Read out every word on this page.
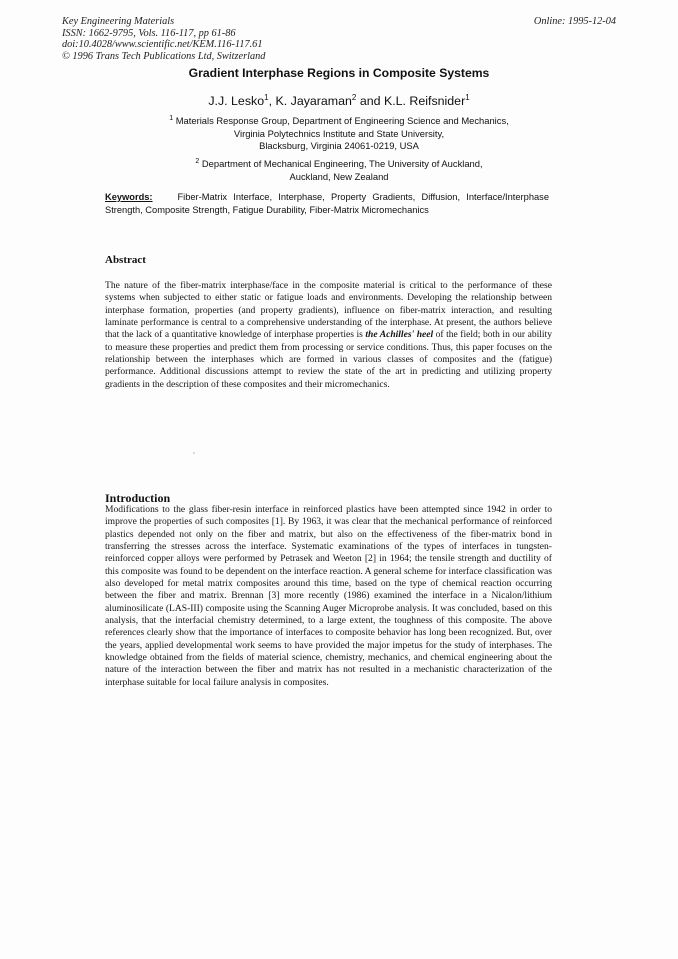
Key Engineering Materials
ISSN: 1662-9795, Vols. 116-117, pp 61-86
doi:10.4028/www.scientific.net/KEM.116-117.61
© 1996 Trans Tech Publications Ltd, Switzerland
Online: 1995-12-04
Gradient Interphase Regions in Composite Systems
J.J. Lesko$^1$, K. Jayaraman$^2$ and K.L. Reifsnider$^1$
$^1$ Materials Response Group, Department of Engineering Science and Mechanics,
Virginia Polytechnics Institute and State University,
Blacksburg, Virginia 24061-0219, USA
$^2$ Department of Mechanical Engineering, The University of Auckland,
Auckland, New Zealand
Keywords:	Fiber-Matrix Interface, Interphase, Property Gradients, Diffusion, Interface/Interphase Strength, Composite Strength, Fatigue Durability, Fiber-Matrix Micromechanics
Abstract
The nature of the fiber-matrix interphase/face in the composite material is critical to the performance of these systems when subjected to either static or fatigue loads and environments. Developing the relationship between interphase formation, properties (and property gradients), influence on fiber-matrix interaction, and resulting laminate performance is central to a comprehensive understanding of the interphase. At present, the authors believe that the lack of a quantitative knowledge of interphase properties is the Achilles' heel of the field; both in our ability to measure these properties and predict them from processing or service conditions. Thus, this paper focuses on the relationship between the interphases which are formed in various classes of composites and the (fatigue) performance. Additional discussions attempt to review the state of the art in predicting and utilizing property gradients in the description of these composites and their micromechanics.
Introduction
Modifications to the glass fiber-resin interface in reinforced plastics have been attempted since 1942 in order to improve the properties of such composites [1]. By 1963, it was clear that the mechanical performance of reinforced plastics depended not only on the fiber and matrix, but also on the effectiveness of the fiber-matrix bond in transferring the stresses across the interface. Systematic examinations of the types of interfaces in tungsten-reinforced copper alloys were performed by Petrasek and Weeton [2] in 1964; the tensile strength and ductility of this composite was found to be dependent on the interface reaction. A general scheme for interface classification was also developed for metal matrix composites around this time, based on the type of chemical reaction occurring between the fiber and matrix. Brennan [3] more recently (1986) examined the interface in a Nicalon/lithium aluminosilicate (LAS-III) composite using the Scanning Auger Microprobe analysis. It was concluded, based on this analysis, that the interfacial chemistry determined, to a large extent, the toughness of this composite. The above references clearly show that the importance of interfaces to composite behavior has long been recognized. But, over the years, applied developmental work seems to have provided the major impetus for the study of interphases. The knowledge obtained from the fields of material science, chemistry, mechanics, and chemical engineering about the nature of the interaction between the fiber and matrix has not resulted in a mechanistic characterization of the interphase suitable for local failure analysis in composites.
